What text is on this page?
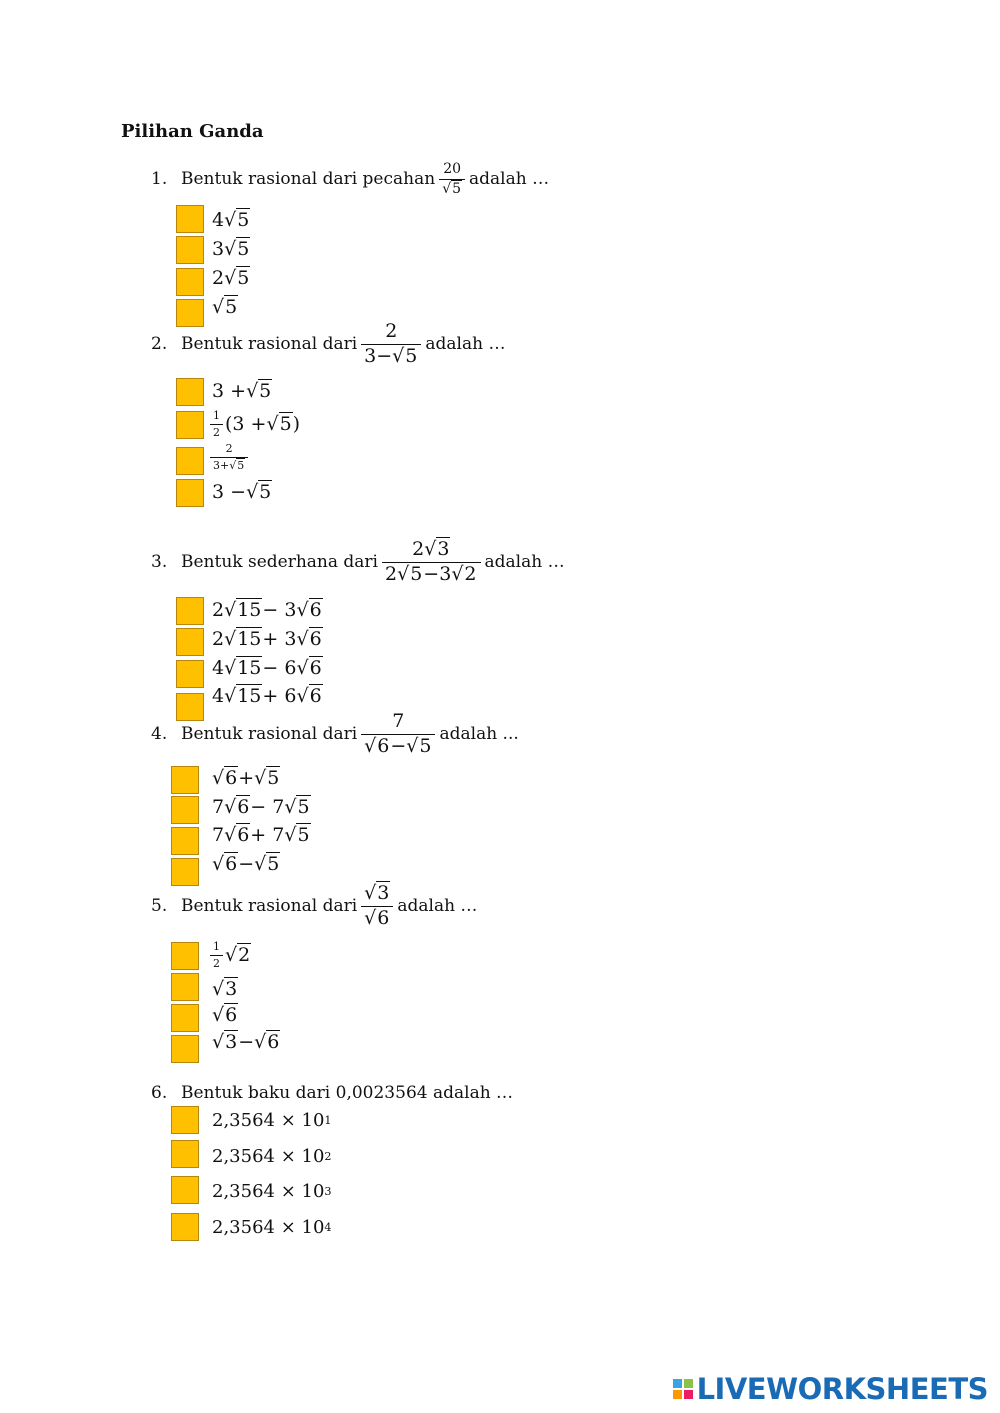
Pilihan Ganda
1. Bentuk rasional dari pecahan $\frac{20}{√5}$ adalah …
4 √5
3 √5
2 √5
√5
2. Bentuk rasional dari $\frac{2}{3-√5}$ adalah …
3 + √5
$\frac{1}{2} (3 + √5$ )
$\frac{2}{3+√5}$
3 − √5
3. Bentuk sederhana dari $\frac{2√3}{2√5-3√2}$ adalah …
2 √15 − 3 √6
2 √15 + 3 √6
4 √15 − 6 √6
4 √15 + 6 √6
4. Bentuk rasional dari $\frac{7}{√6-√5}$ adalah ...
√6 + √5
7 √6 − 7 √5
7 √6 + 7 √5
√6 − √5
5. Bentuk rasional dari $\frac{√3}{√6}$ adalah …
$\frac{1}{2} √2$
√3
√6
√3 − √6
6. Bentuk baku dari 0,0023564 adalah …
2,3564 × 10 1
2,3564 × 10 2
2,3564 × 10 3
2,3564 × 10 4
LIVEWORKSHEETS
